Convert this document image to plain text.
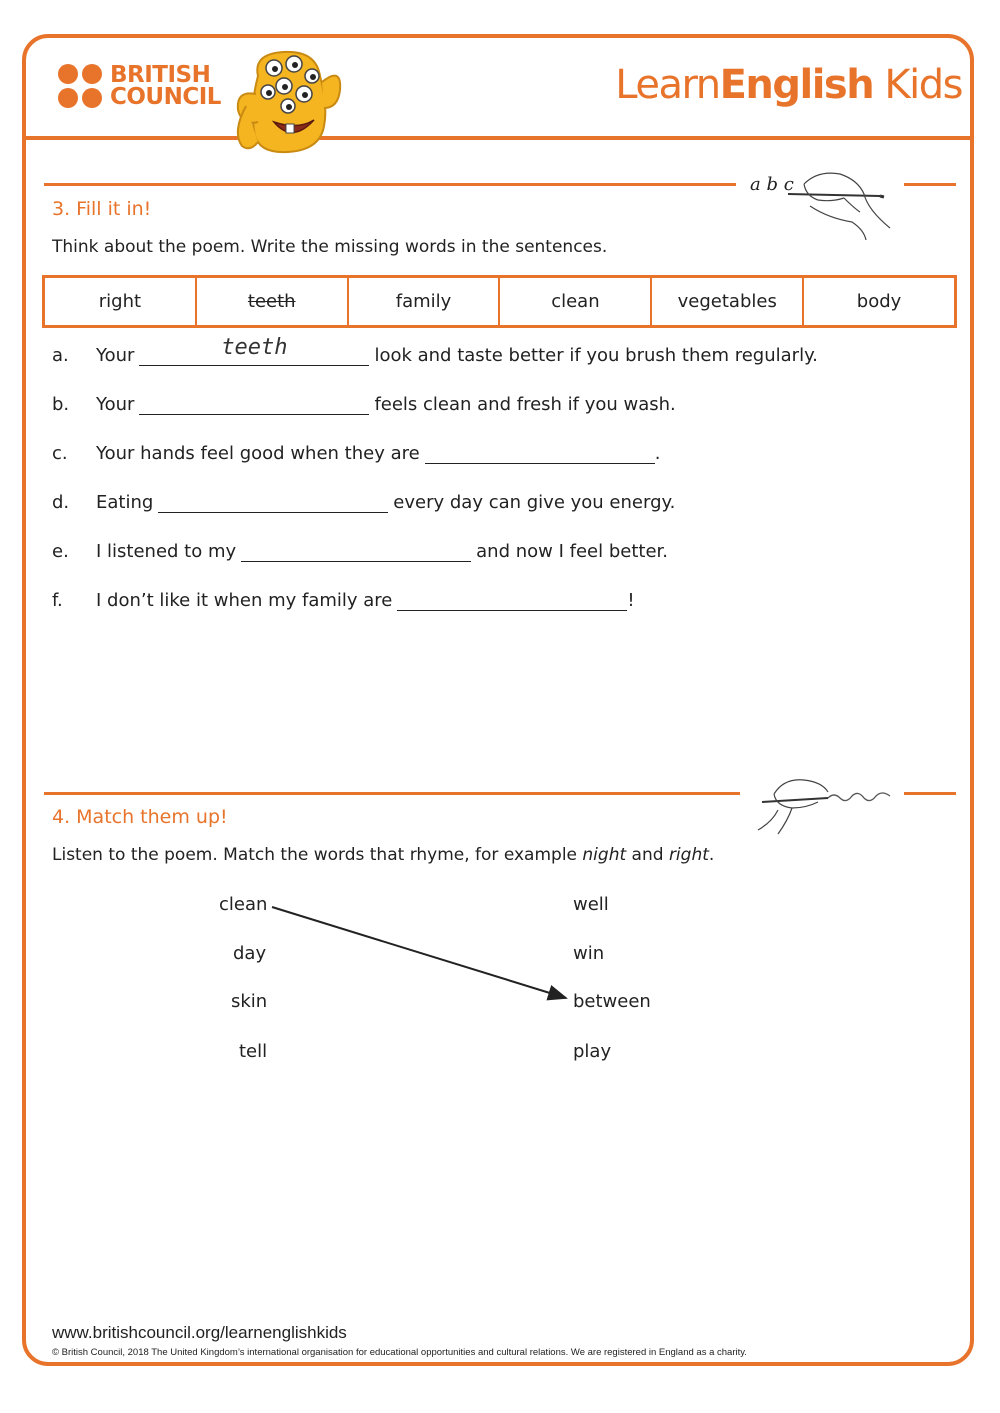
BRITISH
COUNCIL	LearnEnglish Kids
3. Fill it in!
a b c
Think about the poem. Write the missing words in the sentences.
right	teeth	family	clean	vegetables	body
a.	Your	teeth	look and taste better if you brush them regularly.
b.	Your	feels clean and fresh if you wash.
c.	Your hands feel good when they are	.
d.	Eating	every day can give you energy.
e.	I listened to my	and now I feel better.
f.	I don’t like it when my family are	!
4. Match them up!
Listen to the poem. Match the words that rhyme, for example night and right.
clean
day
skin
tell
well
win
between
play
www.britishcouncil.org/learnenglishkids
© British Council, 2018 The United Kingdom’s international organisation for educational opportunities and cultural relations. We are registered in England as a charity.
